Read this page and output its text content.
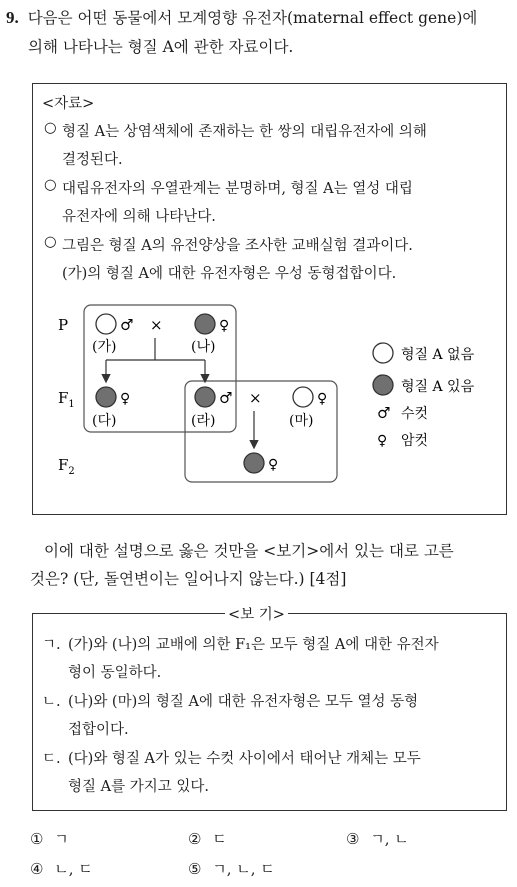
9. 다음은 어떤 동물에서 모계영향 유전자(maternal effect gene)에
의해 나타나는 형질 A에 관한 자료이다.
<자료>
○ 형질 A는 상염색체에 존재하는 한 쌍의 대립유전자에 의해
결정된다.
○ 대립유전자의 우열관계는 분명하며, 형질 A는 열성 대립
유전자에 의해 나타난다.
○ 그림은 형질 A의 유전양상을 조사한 교배실험 결과이다.
(가)의 형질 A에 대한 유전자형은 우성 동형접합이다.
P
$F_1$
$F_2$
♂ ×	♀
(가)	(나)
♀	♂ ×	♀
(다)	(라)	(마)
♀
형질 A 없음
형질 A 있음
♂ 수컷
♀ 암컷
이에 대한 설명으로 옳은 것만을 <보기>에서 있는 대로 고른
것은? (단, 돌연변이는 일어나지 않는다.) [4점]
<보 기>
ㄱ. (가)와 (나)의 교배에 의한 F₁은 모두 형질 A에 대한 유전자
형이 동일하다.
ㄴ. (나)와 (마)의 형질 A에 대한 유전자형은 모두 열성 동형
접합이다.
ㄷ. (다)와 형질 A가 있는 수컷 사이에서 태어난 개체는 모두
형질 A를 가지고 있다.
① ㄱ	② ㄷ	③ ㄱ, ㄴ
④ ㄴ, ㄷ	⑤ ㄱ, ㄴ, ㄷ
